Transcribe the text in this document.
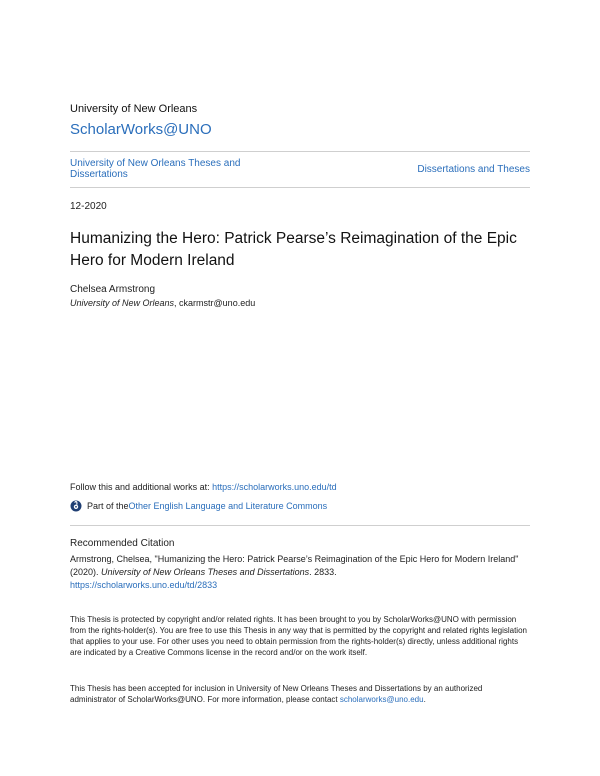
University of New Orleans
ScholarWorks@UNO
University of New Orleans Theses and Dissertations	Dissertations and Theses
12-2020
Humanizing the Hero: Patrick Pearse’s Reimagination of the Epic Hero for Modern Ireland
Chelsea Armstrong
University of New Orleans, ckarmstr@uno.edu
Follow this and additional works at: https://scholarworks.uno.edu/td
Part of the Other English Language and Literature Commons
Recommended Citation
Armstrong, Chelsea, "Humanizing the Hero: Patrick Pearse’s Reimagination of the Epic Hero for Modern Ireland" (2020). University of New Orleans Theses and Dissertations. 2833.
https://scholarworks.uno.edu/td/2833
This Thesis is protected by copyright and/or related rights. It has been brought to you by ScholarWorks@UNO with permission from the rights-holder(s). You are free to use this Thesis in any way that is permitted by the copyright and related rights legislation that applies to your use. For other uses you need to obtain permission from the rights-holder(s) directly, unless additional rights are indicated by a Creative Commons license in the record and/or on the work itself.
This Thesis has been accepted for inclusion in University of New Orleans Theses and Dissertations by an authorized administrator of ScholarWorks@UNO. For more information, please contact scholarworks@uno.edu.
